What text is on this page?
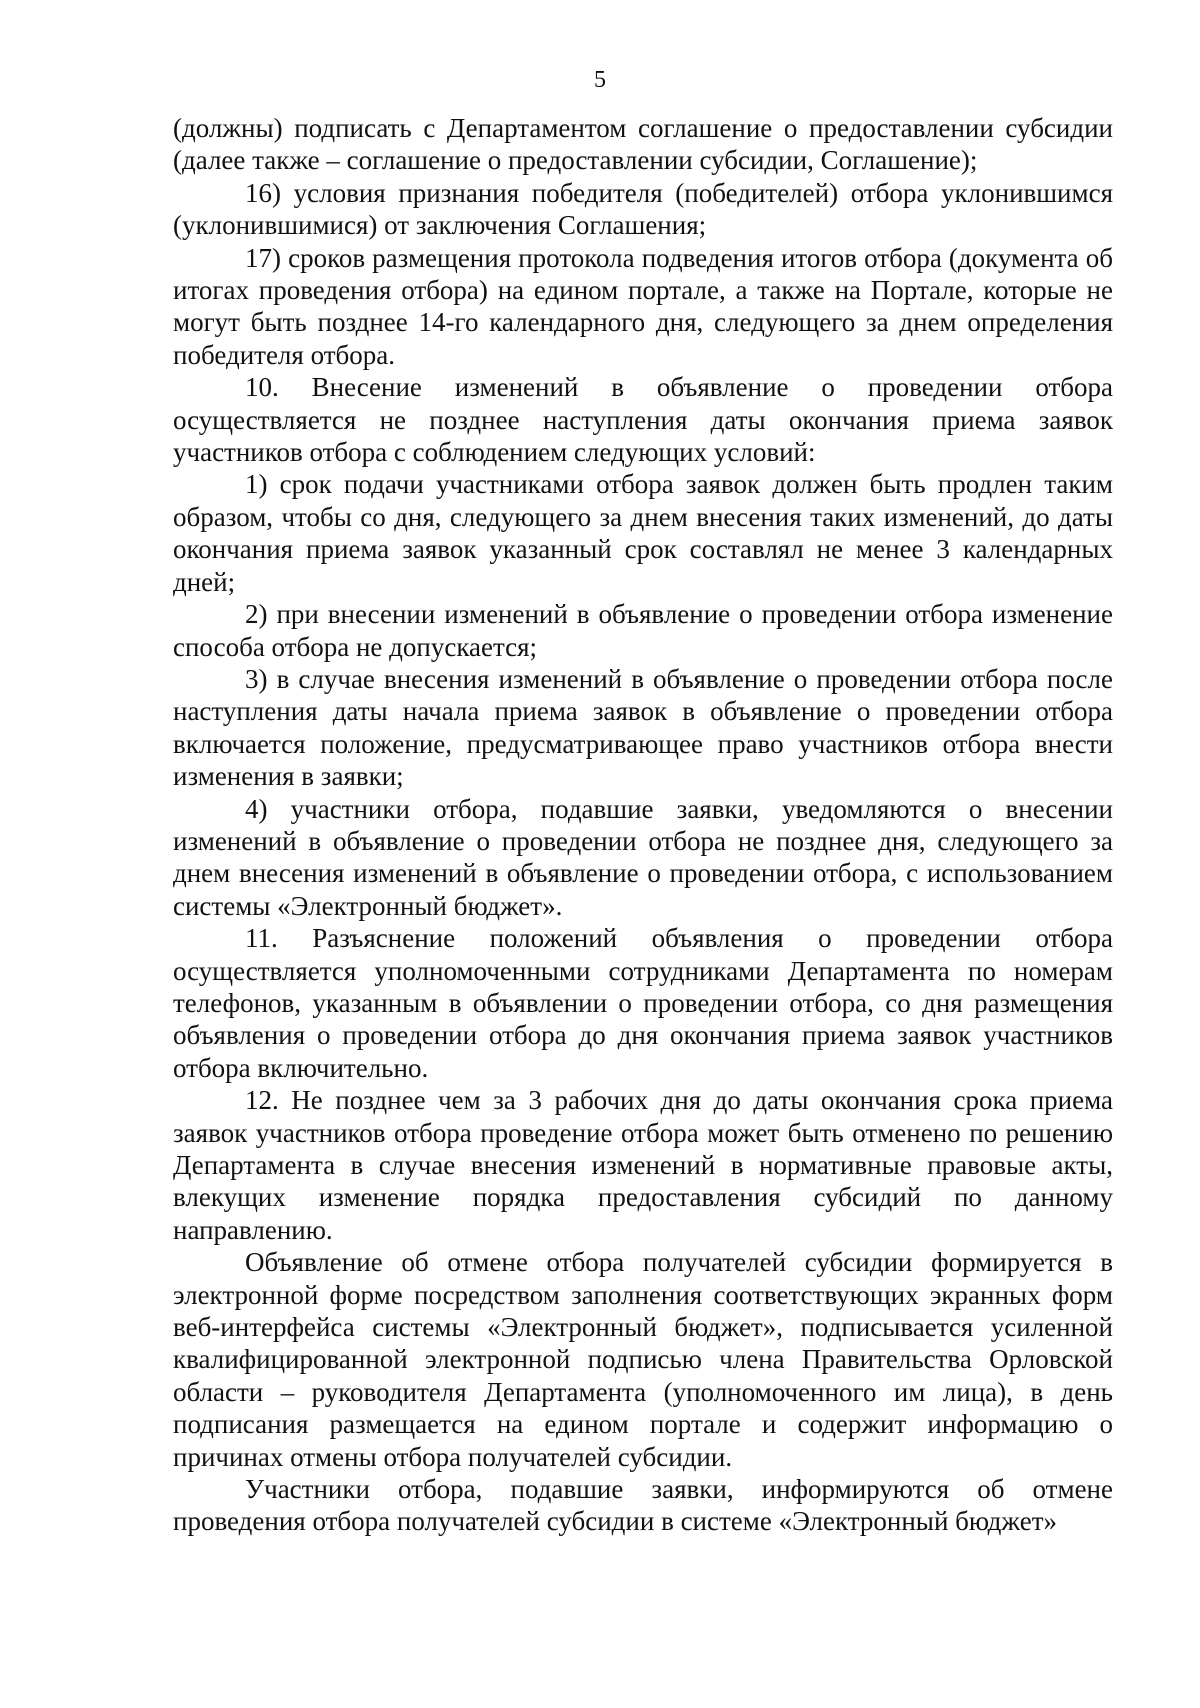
5

(должны) подписать с Департаментом соглашение о предоставлении субсидии (далее также – соглашение о предоставлении субсидии, Соглашение);

16) условия признания победителя (победителей) отбора уклонившимся (уклонившимися) от заключения Соглашения;

17) сроков размещения протокола подведения итогов отбора (документа об итогах проведения отбора) на едином портале, а также на Портале, которые не могут быть позднее 14-го календарного дня, следующего за днем определения победителя отбора.

10. Внесение изменений в объявление о проведении отбора осуществляется не позднее наступления даты окончания приема заявок участников отбора с соблюдением следующих условий:

1) срок подачи участниками отбора заявок должен быть продлен таким образом, чтобы со дня, следующего за днем внесения таких изменений, до даты окончания приема заявок указанный срок составлял не менее 3 календарных дней;

2) при внесении изменений в объявление о проведении отбора изменение способа отбора не допускается;

3) в случае внесения изменений в объявление о проведении отбора после наступления даты начала приема заявок в объявление о проведении отбора включается положение, предусматривающее право участников отбора внести изменения в заявки;

4) участники отбора, подавшие заявки, уведомляются о внесении изменений в объявление о проведении отбора не позднее дня, следующего за днем внесения изменений в объявление о проведении отбора, с использованием системы «Электронный бюджет».

11. Разъяснение положений объявления о проведении отбора осуществляется уполномоченными сотрудниками Департамента по номерам телефонов, указанным в объявлении о проведении отбора, со дня размещения объявления о проведении отбора до дня окончания приема заявок участников отбора включительно.

12. Не позднее чем за 3 рабочих дня до даты окончания срока приема заявок участников отбора проведение отбора может быть отменено по решению Департамента в случае внесения изменений в нормативные правовые акты, влекущих изменение порядка предоставления субсидий по данному направлению.

Объявление об отмене отбора получателей субсидии формируется в электронной форме посредством заполнения соответствующих экранных форм веб-интерфейса системы «Электронный бюджет», подписывается усиленной квалифицированной электронной подписью члена Правительства Орловской области – руководителя Департамента (уполномоченного им лица), в день подписания размещается на едином портале и содержит информацию о причинах отмены отбора получателей субсидии.

Участники отбора, подавшие заявки, информируются об отмене проведения отбора получателей субсидии в системе «Электронный бюджет»
